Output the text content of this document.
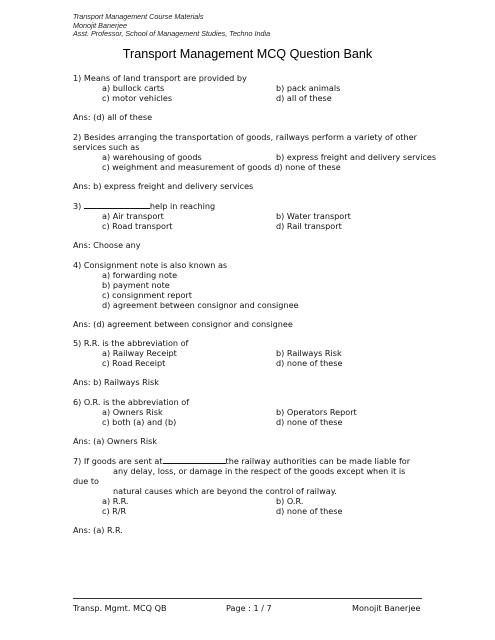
Transport Management Course Materials
Monojit Banerjee
Asst. Professor, School of Management Studies, Techno India
Transport Management MCQ Question Bank
1) Means of land transport are provided by
a) bullock carts	b) pack animals
c) motor vehicles	d) all of these
Ans: (d) all of these
2) Besides arranging the transportation of goods, railways perform a variety of other
services such as
a) warehousing of goods	b) express freight and delivery services
c) weighment and measurement of goods d) none of these
Ans: b) express freight and delivery services
3)	help in reaching
a) Air transport	b) Water transport
c) Road transport	d) Rail transport
Ans: Choose any
4) Consignment note is also known as
a) forwarding note
b) payment note
c) consignment report
d) agreement between consignor and consignee
Ans: (d) agreement between consignor and consignee
5) R.R. is the abbreviation of
a) Railway Receipt	b) Railways Risk
c) Road Receipt	d) none of these
Ans: b) Railways Risk
6) O.R. is the abbreviation of
a) Owners Risk	b) Operators Report
c) both (a) and (b)	d) none of these
Ans: (a) Owners Risk
7) If goods are sent at	the railway authorities can be made liable for
any delay, loss, or damage in the respect of the goods except when it is
due to
natural causes which are beyond the control of railway.
a) R.R.	b) O.R.
c) R/R	d) none of these
Ans: (a) R.R.
Transp. Mgmt. MCQ QB	Page : 1 / 7	Monojit Banerjee
